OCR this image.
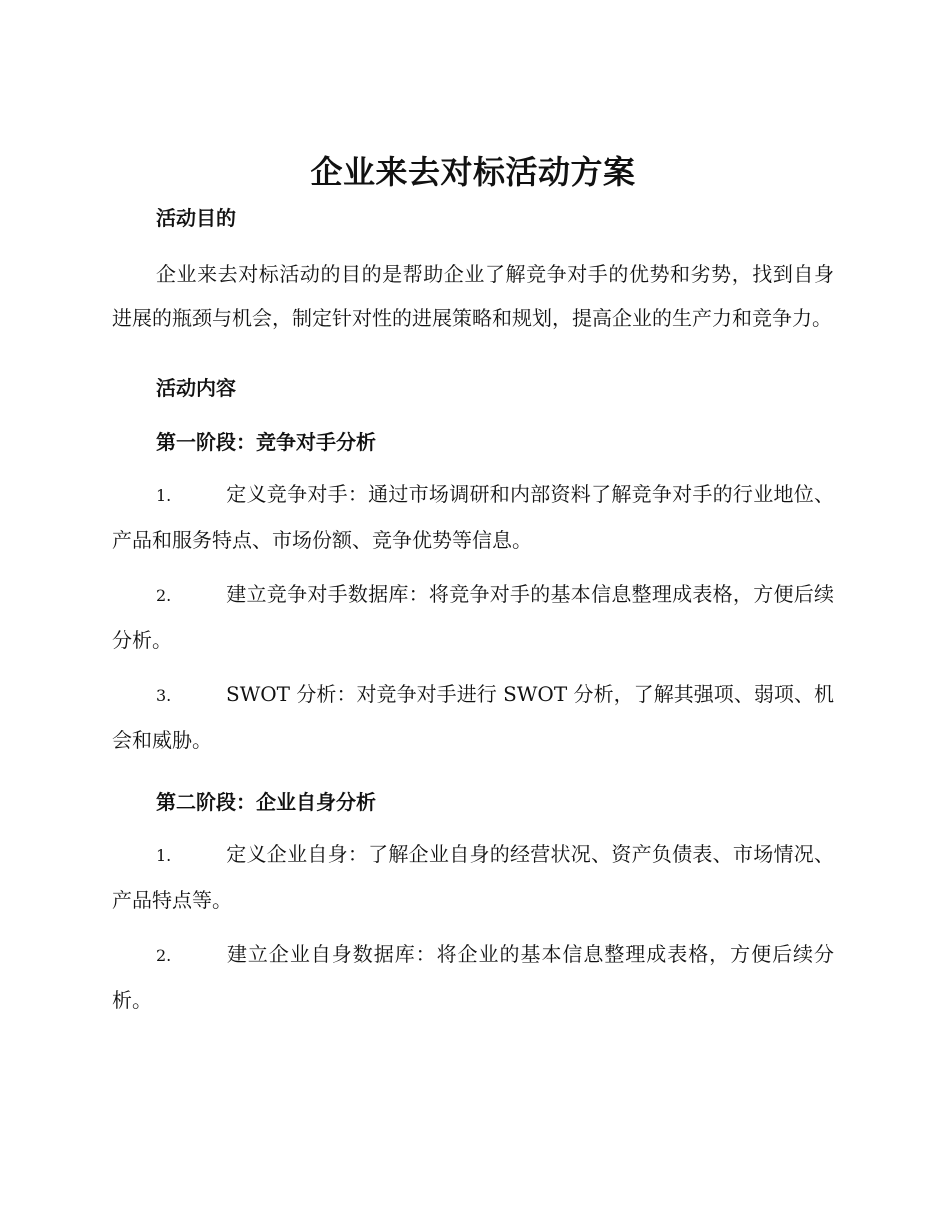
企业来去对标活动方案
活动目的

企业来去对标活动的目的是帮助企业了解竞争对手的优势和劣势，找到自身进展的瓶颈与机会，制定针对性的进展策略和规划，提高企业的生产力和竞争力。

活动内容
第一阶段：竞争对手分析

1.	定义竞争对手：通过市场调研和内部资料了解竞争对手的行业地位、产品和服务特点、市场份额、竞争优势等信息。

2.	建立竞争对手数据库：将竞争对手的基本信息整理成表格，方便后续分析。

3.	SWOT 分析：对竞争对手进行 SWOT 分析，了解其强项、弱项、机会和威胁。

第二阶段：企业自身分析

1.	定义企业自身：了解企业自身的经营状况、资产负债表、市场情况、产品特点等。

2.	建立企业自身数据库：将企业的基本信息整理成表格，方便后续分析。
